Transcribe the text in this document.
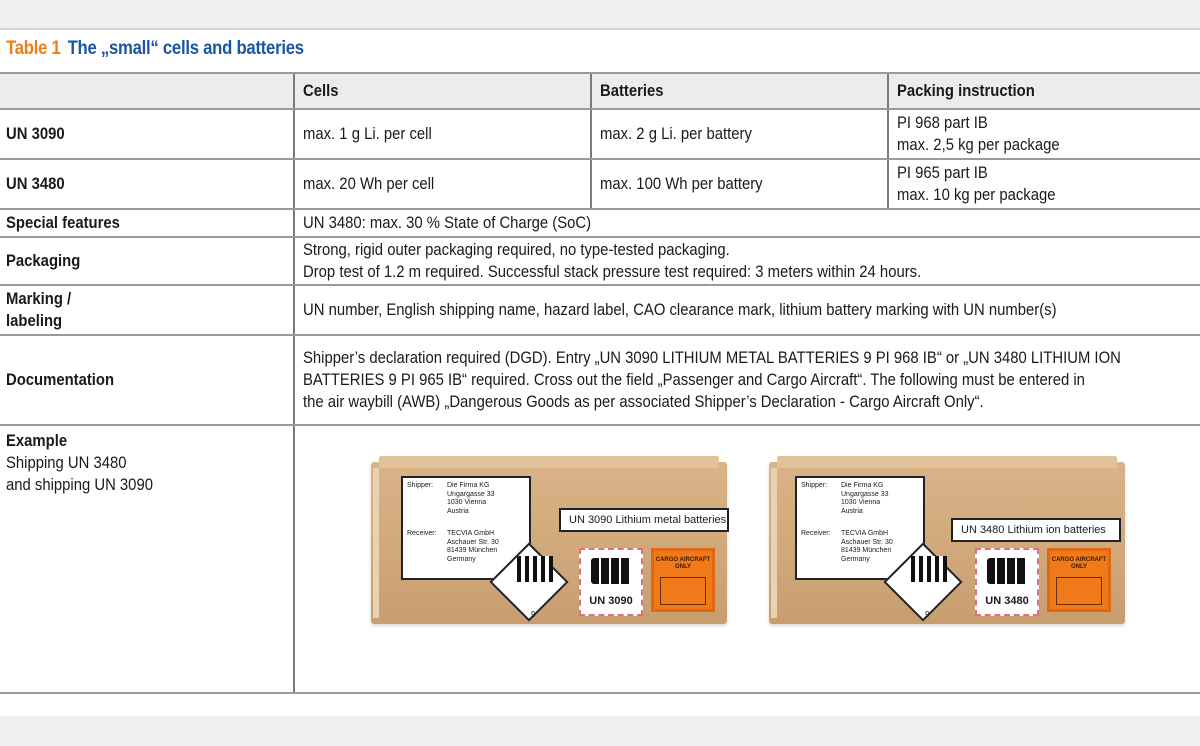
Table 1 The „small“ cells and batteries
	Cells	Batteries	Packing instruction
UN 3090	max. 1 g Li. per cell	max. 2 g Li. per battery	PI 968 part IB
max. 2,5 kg per package

UN 3480	max. 20 Wh per cell	max. 100 Wh per battery	PI 965 part IB
max. 10 kg per package

Special features	UN 3480: max. 30 % State of Charge (SoC)		
Packaging	Strong, rigid outer packaging required, no type-tested packaging.
Drop test of 1.2 m required. Successful stack pressure test required: 3 meters within 24 hours.		

Marking /
labeling	UN number, English shipping name, hazard label, CAO clearance mark, lithium battery marking with UN number(s)		
Documentation	Shipper’s declaration required (DGD). Entry „UN 3090 LITHIUM METAL BATTERIES 9 PI 968 IB“ or „UN 3480 LITHIUM ION
BATTERIES 9 PI 965 IB“ required. Cross out the field „Passenger and Cargo Aircraft“. The following must be entered in
the air waybill (AWB) „Dangerous Goods as per associated Shipper’s Declaration - Cargo Aircraft Only“.		

Example
Shipping UN 3480
and shipping UN 3090	Shipper:	Die Firma KG
Ungargasse 33
1030 Vienna
Austria
Receiver:	TECVIA GmbH
Aschauer Str. 30
81439 München
Germany
UN 3090 Lithium metal batteries
9
UN 3090
CARGO AIRCRAFT ONLY
Shipper:	Die Firma KG
Ungargasse 33
1030 Vienna
Austria
Receiver:	TECVIA GmbH
Aschauer Str. 30
81439 München
Germany
UN 3480 Lithium ion batteries
9
UN 3480
CARGO AIRCRAFT ONLY
